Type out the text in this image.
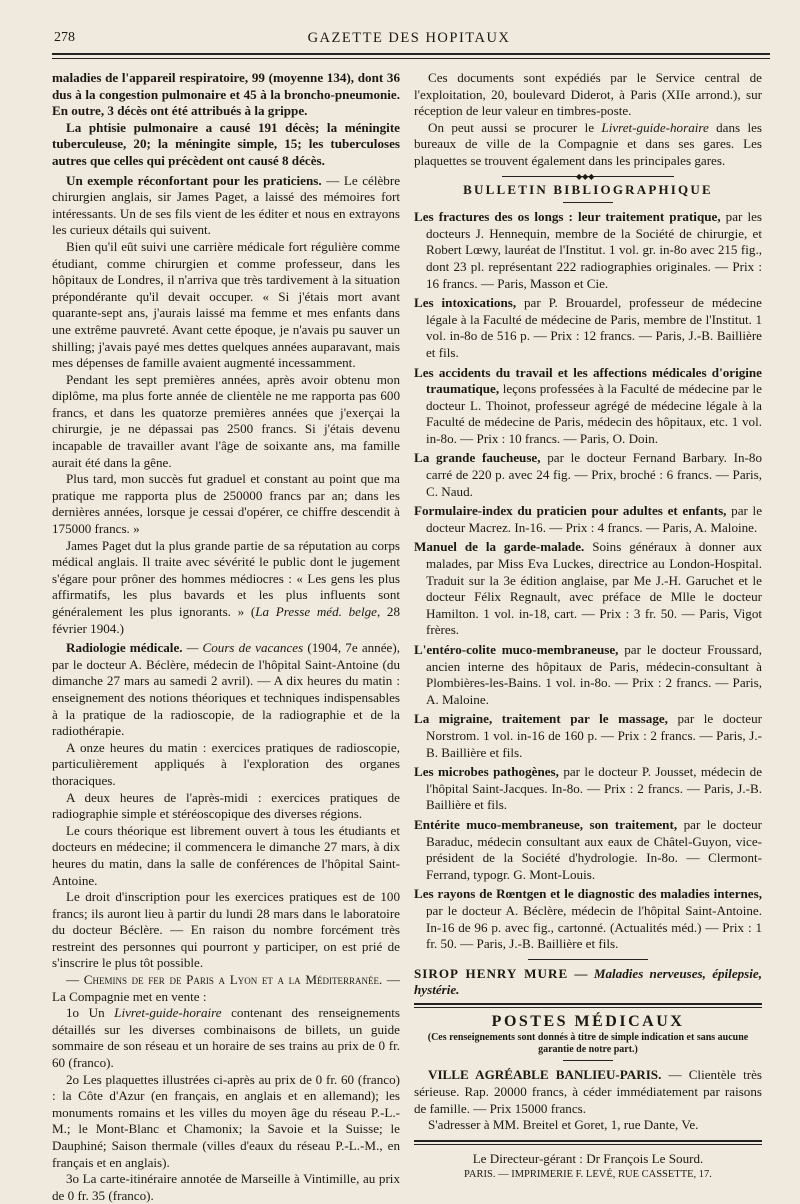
278	GAZETTE DES HOPITAUX

maladies de l'appareil respiratoire, 99 (moyenne 134), dont 36 dus à la congestion pulmonaire et 45 à la broncho-pneumonie. En outre, 3 décès ont été attribués à la grippe.

La phtisie pulmonaire a causé 191 décès; la méningite tuberculeuse, 20; la méningite simple, 15; les tuberculoses autres que celles qui précèdent ont causé 8 décès.

Un exemple réconfortant pour les praticiens. — Le célèbre chirurgien anglais, sir James Paget, a laissé des mémoires fort intéressants. Un de ses fils vient de les éditer et nous en extrayons les curieux détails qui suivent.

Bien qu'il eût suivi une carrière médicale fort régulière comme étudiant, comme chirurgien et comme professeur, dans les hôpitaux de Londres, il n'arriva que très tardivement à la situation prépondérante qu'il devait occuper. « Si j'étais mort avant quarante-sept ans, j'aurais laissé ma femme et mes enfants dans une extrême pauvreté. Avant cette époque, je n'avais pu sauver un shilling; j'avais payé mes dettes quelques années auparavant, mais mes dépenses de famille avaient augmenté incessamment.

Pendant les sept premières années, après avoir obtenu mon diplôme, ma plus forte année de clientèle ne me rapporta pas 600 francs, et dans les quatorze premières années que j'exerçai la chirurgie, je ne dépassai pas 2500 francs. Si j'étais devenu incapable de travailler avant l'âge de soixante ans, ma famille aurait été dans la gêne.

Plus tard, mon succès fut graduel et constant au point que ma pratique me rapporta plus de 250000 francs par an; dans les dernières années, lorsque je cessai d'opérer, ce chiffre descendit à 175000 francs. »

James Paget dut la plus grande partie de sa réputation au corps médical anglais. Il traite avec sévérité le public dont le jugement s'égare pour prôner des hommes médiocres : « Les gens les plus affirmatifs, les plus bavards et les plus influents sont généralement les plus ignorants. » (La Presse méd. belge, 28 février 1904.)

Radiologie médicale. — Cours de vacances (1904, 7e année), par le docteur A. Béclère, médecin de l'hôpital Saint-Antoine (du dimanche 27 mars au samedi 2 avril). — A dix heures du matin : enseignement des notions théoriques et techniques indispensables à la pratique de la radioscopie, de la radiographie et de la radiothérapie.

A onze heures du matin : exercices pratiques de radioscopie, particulièrement appliqués à l'exploration des organes thoraciques.

A deux heures de l'après-midi : exercices pratiques de radiographie simple et stéréoscopique des diverses régions.

Le cours théorique est librement ouvert à tous les étudiants et docteurs en médecine; il commencera le dimanche 27 mars, à dix heures du matin, dans la salle de conférences de l'hôpital Saint-Antoine.

Le droit d'inscription pour les exercices pratiques est de 100 francs; ils auront lieu à partir du lundi 28 mars dans le laboratoire du docteur Béclère. — En raison du nombre forcément très restreint des personnes qui pourront y participer, on est prié de s'inscrire le plus tôt possible.

— Chemins de fer de Paris a Lyon et a la Méditerranée. — La Compagnie met en vente :

1o Un Livret-guide-horaire contenant des renseignements détaillés sur les diverses combinaisons de billets, un guide sommaire de son réseau et un horaire de ses trains au prix de 0 fr. 60 (franco).

2o Les plaquettes illustrées ci-après au prix de 0 fr. 60 (franco) : la Côte d'Azur (en français, en anglais et en allemand); les monuments romains et les villes du moyen âge du réseau P.-L.-M.; le Mont-Blanc et Chamonix; la Savoie et la Suisse; le Dauphiné; Saison thermale (villes d'eaux du réseau P.-L.-M., en français et en anglais).

3o La carte-itinéraire annotée de Marseille à Vintimille, au prix de 0 fr. 35 (franco).

Ces documents sont expédiés par le Service central de l'exploitation, 20, boulevard Diderot, à Paris (XIIe arrond.), sur réception de leur valeur en timbres-poste.

On peut aussi se procurer le Livret-guide-horaire dans les bureaux de ville de la Compagnie et dans ses gares. Les plaquettes se trouvent également dans les principales gares.

◆◆◆
BULLETIN BIBLIOGRAPHIQUE

Les fractures des os longs : leur traitement pratique, par les docteurs J. Hennequin, membre de la Société de chirurgie, et Robert Lœwy, lauréat de l'Institut. 1 vol. gr. in-8o avec 215 fig., dont 23 pl. représentant 222 radiographies originales. — Prix : 16 francs. — Paris, Masson et Cie.

Les intoxications, par P. Brouardel, professeur de médecine légale à la Faculté de médecine de Paris, membre de l'Institut. 1 vol. in-8o de 516 p. — Prix : 12 francs. — Paris, J.-B. Baillière et fils.

Les accidents du travail et les affections médicales d'origine traumatique, leçons professées à la Faculté de médecine par le docteur L. Thoinot, professeur agrégé de médecine légale à la Faculté de médecine de Paris, médecin des hôpitaux, etc. 1 vol. in-8o. — Prix : 10 francs. — Paris, O. Doin.

La grande faucheuse, par le docteur Fernand Barbary. In-8o carré de 220 p. avec 24 fig. — Prix, broché : 6 francs. — Paris, C. Naud.

Formulaire-index du praticien pour adultes et enfants, par le docteur Macrez. In-16. — Prix : 4 francs. — Paris, A. Maloine.

Manuel de la garde-malade. Soins généraux à donner aux malades, par Miss Eva Luckes, directrice au London-Hospital. Traduit sur la 3e édition anglaise, par Me J.-H. Garuchet et le docteur Félix Regnault, avec préface de Mlle le docteur Hamilton. 1 vol. in-18, cart. — Prix : 3 fr. 50. — Paris, Vigot frères.

L'entéro-colite muco-membraneuse, par le docteur Froussard, ancien interne des hôpitaux de Paris, médecin-consultant à Plombières-les-Bains. 1 vol. in-8o. — Prix : 2 francs. — Paris, A. Maloine.

La migraine, traitement par le massage, par le docteur Norstrom. 1 vol. in-16 de 160 p. — Prix : 2 francs. — Paris, J.-B. Baillière et fils.

Les microbes pathogènes, par le docteur P. Jousset, médecin de l'hôpital Saint-Jacques. In-8o. — Prix : 2 francs. — Paris, J.-B. Baillière et fils.

Entérite muco-membraneuse, son traitement, par le docteur Baraduc, médecin consultant aux eaux de Châtel-Guyon, vice-président de la Société d'hydrologie. In-8o. — Clermont-Ferrand, typogr. G. Mont-Louis.

Les rayons de Rœntgen et le diagnostic des maladies internes, par le docteur A. Béclère, médecin de l'hôpital Saint-Antoine. In-16 de 96 p. avec fig., cartonné. (Actualités méd.) — Prix : 1 fr. 50. — Paris, J.-B. Baillière et fils.

SIROP HENRY MURE — Maladies nerveuses, épilepsie, hystérie.

POSTES MÉDICAUX
(Ces renseignements sont donnés à titre de simple indication et sans aucune garantie de notre part.)

VILLE AGRÉABLE BANLIEU-PARIS. — Clientèle très sérieuse. Rap. 20000 francs, à céder immédiatement par raisons de famille. — Prix 15000 francs.

S'adresser à MM. Breitel et Goret, 1, rue Dante, Ve.

Le Directeur-gérant : Dr François Le Sourd.
PARIS. — IMPRIMERIE F. LEVÉ, RUE CASSETTE, 17.
